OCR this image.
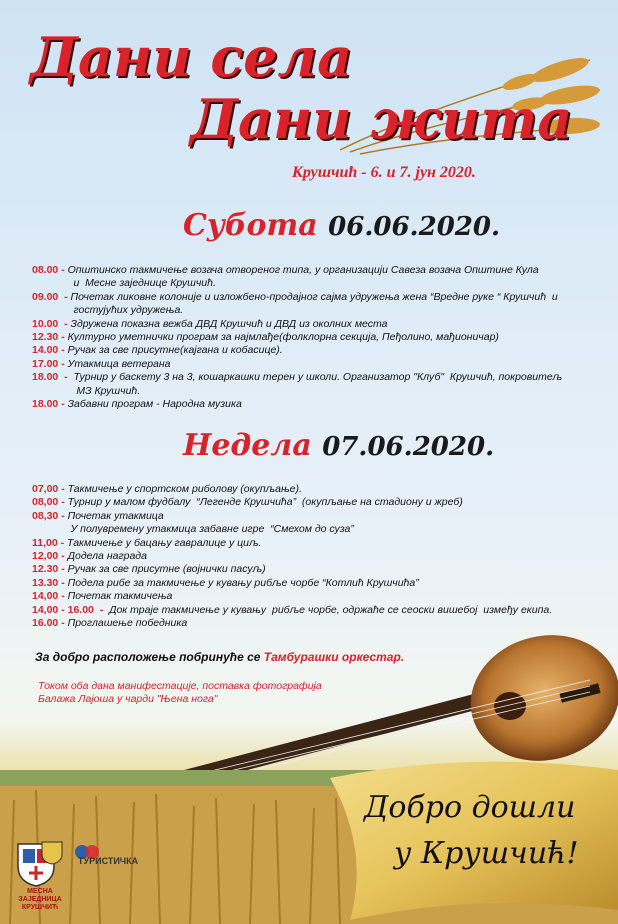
Дани села
Дани жита
Крушчић - 6. и 7. јун 2020.
Субота 06.06.2020.
08.00 - Општинско такмичење возача отвореног типа, у организацији Савеза возача Општине Кула
и  Месне заједнице Крушчић.
09.00  - Почетак ликовне колоније и изложбено-продајног сајма удружења жена “Вредне руке “ Крушчић  и
гостујућих удружења.
10.00  - Здружена показна вежба ДВД Крушчић и ДВД из околних места
12.30 - Културно уметнички програм за најмлађе(фолклорна секција, Пеђолино, мађионичар)
14.00 - Ручак за све присутне(кајгана и кобасице).
17.00 - Утакмица ветерана
18.00  - Турнир у баскету 3 на 3, кошаркашки терен у школи. Организатор "Клуб"  Крушчић, покровитељ
МЗ Крушчић.
18.00 - Забавни програм - Народна музика
Недела 07.06.2020.
07,00 - Такмичење у спортском риболову (окупљање).
08,00 - Турнир у малом фудбалу  “Легенде Крушчића”  (окупљање на стадиону и жреб)
08,30 - Почетак утакмица
У полувремену утакмица забавне игре  “Смехом до суза”
11,00 - Такмичење у бацању гавралице у циљ.
12,00 - Додела награда
12.30 - Ручак за све присутне (војнички пасуљ)
13.30 - Подела рибе за такмичење у кувању рибље чорбе “Котлић Крушчића”
14,00 - Почетак такмичења
14,00 - 16.00  - Док траје такмичење у кувању  рибље чорбе, одржаће се сеоски вишебој  између екипа.
16.00 - Проглашење победника
За добро расположење побринуће се Тамбурашки оркестар.
Током оба дана манифестације, поставка фотографија
Балажа Лајоша у чарди "Њена нога"

Добро дошли

у Крушчић!

МЕСНА ЗАЈЕДНИЦА
КРУШЧИЋ
ТУРИСТИЧКА
